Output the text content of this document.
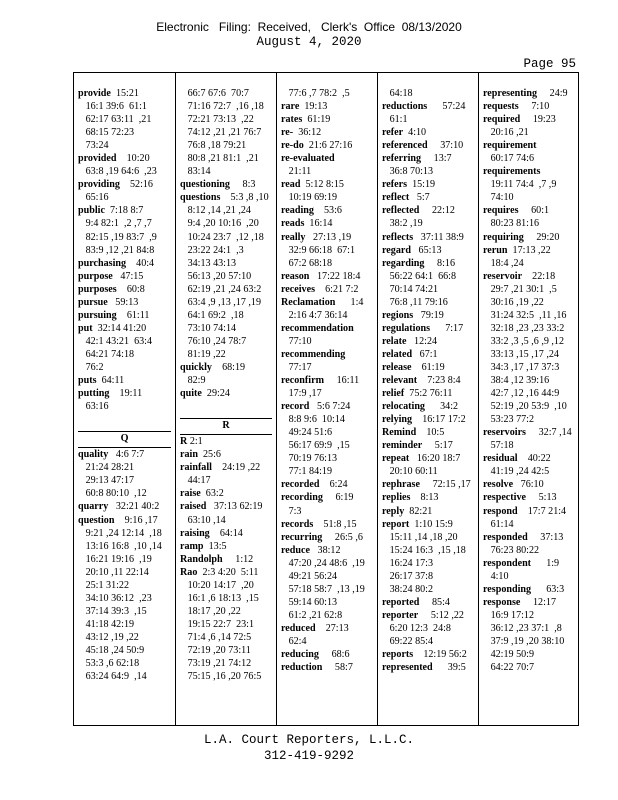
Electronic   Filing:  Received,   Clerk's  Office  08/13/2020
August 4, 2020
Page 95
provide  15:21
16:1 39:6  61:1
62:17 63:11  ,21
68:15 72:23
73:24
provided    10:20
63:8 ,19 64:6  ,23
providing    52:16
65:16
public  7:18 8:7
9:4 82:1  ,2 ,7 ,7
82:15 ,19 83:7  ,9
83:9 ,12 ,21 84:8
purchasing    40:4
purpose   47:15
purposes    60:8
pursue   59:13
pursuing    61:11
put  32:14 41:20
42:1 43:21  63:4
64:21 74:18
76:2
puts  64:11
putting    19:11
63:16
Q
quality   4:6 7:7
21:24 28:21
29:13 47:17
60:8 80:10  ,12
quarry   32:21 40:2
question    9:16 ,17
9:21 ,24 12:14  ,18
13:16 16:8  ,10 ,14
16:21 19:16  ,19
20:10 ,11 22:14
25:1 31:22
34:10 36:12  ,23
37:14 39:3  ,15
41:18 42:19
43:12 ,19 ,22
45:18 ,24 50:9
53:3 ,6 62:18
63:24 64:9  ,14
66:7 67:6  70:7
71:16 72:7  ,16 ,18
72:21 73:13  ,22
74:12 ,21 ,21 76:7
76:8 ,18 79:21
80:8 ,21 81:1  ,21
83:14
questioning     8:3
questions    5:3 ,8 ,10
8:12 ,14 ,21 ,24
9:4 ,20 10:16  ,20
10:24 23:7  ,12 ,18
23:22 24:1  ,3
34:13 43:13
56:13 ,20 57:10
62:19 ,21 ,24 63:2
63:4 ,9 ,13 ,17 ,19
64:1 69:2  ,18
73:10 74:14
76:10 ,24 78:7
81:19 ,22
quickly    68:19
82:9
quite  29:24
R
R 2:1
rain  25:6
rainfall    24:19 ,22
44:17
raise  63:2
raised   37:13 62:19
63:10 ,14
raising    64:14
ramp  13:5
Randolph     1:12
Rao  2:3 4:20  5:11
10:20 14:17  ,20
16:1 ,6 18:13  ,15
18:17 ,20 ,22
19:15 22:7  23:1
71:4 ,6 ,14 72:5
72:19 ,20 73:11
73:19 ,21 74:12
75:15 ,16 ,20 76:5
77:6 ,7 78:2  ,5
rare  19:13
rates  61:19
re-  36:12
re-do  21:6 27:16
re-evaluated
21:11
read  5:12 8:15
10:19 69:19
reading    53:6
reads  16:14
really   27:13 ,19
32:9 66:18  67:1
67:2 68:18
reason   17:22 18:4
receives    6:21 7:2
Reclamation      1:4
2:16 4:7 36:14
recommendation
77:10
recommending
77:17
reconfirm     16:11
17:9 ,17
record   5:6 7:24
8:8 9:6  10:14
49:24 51:6
56:17 69:9  ,15
70:19 76:13
77:1 84:19
recorded    6:24
recording     6:19
7:3
records    51:8 ,15
recurring     26:5 ,6
reduce   38:12
47:20 ,24 48:6  ,19
49:21 56:24
57:18 58:7  ,13 ,19
59:14 60:13
61:2 ,21 62:8
reduced    27:13
62:4
reducing     68:6
reduction     58:7
64:18
reductions      57:24
61:1
refer  4:10
referenced     37:10
referring     13:7
36:8 70:13
refers  15:19
reflect   5:7
reflected     22:12
38:2 ,19
reflects   37:11 38:9
regard   65:13
regarding     8:16
56:22 64:1  66:8
70:14 74:21
76:8 ,11 79:16
regions   79:19
regulations      7:17
relate   12:24
related   67:1
release    61:19
relevant    7:23 8:4
relief  75:2 76:11
relocating      34:2
relying    16:17 17:2
Remind    10:5
reminder     5:17
repeat   16:20 18:7
20:10 60:11
rephrase     72:15 ,17
replies    8:13
reply  82:21
report  1:10 15:9
15:11 ,14 ,18 ,20
15:24 16:3  ,15 ,18
16:24 17:3
26:17 37:8
38:24 80:2
reported     85:4
reporter     5:12 ,22
6:20 12:3  24:8
69:22 85:4
reports    12:19 56:2
represented      39:5
representing     24:9
requests     7:10
required     19:23
20:16 ,21
requirement
60:17 74:6
requirements
19:11 74:4  ,7 ,9
74:10
requires     60:1
80:23 81:16
requiring     29:20
rerun  17:13 ,22
18:4 ,24
reservoir    22:18
29:7 ,21 30:1  ,5
30:16 ,19 ,22
31:24 32:5  ,11 ,16
32:18 ,23 ,23 33:2
33:2 ,3 ,5 ,6 ,9 ,12
33:13 ,15 ,17 ,24
34:3 ,17 ,17 37:3
38:4 ,12 39:16
42:7 ,12 ,16 44:9
52:19 ,20 53:9  ,10
53:23 77:2
reservoirs     32:7 ,14
57:18
residual    40:22
41:19 ,24 42:5
resolve   76:10
respective     5:13
respond    17:7 21:4
61:14
responded     37:13
76:23 80:22
respondent      1:9
4:10
responding      63:3
response     12:17
16:9 17:12
36:12 ,23 37:1  ,8
37:9 ,19 ,20 38:10
42:19 50:9
64:22 70:7
L.A. Court Reporters, L.L.C.
312-419-9292
